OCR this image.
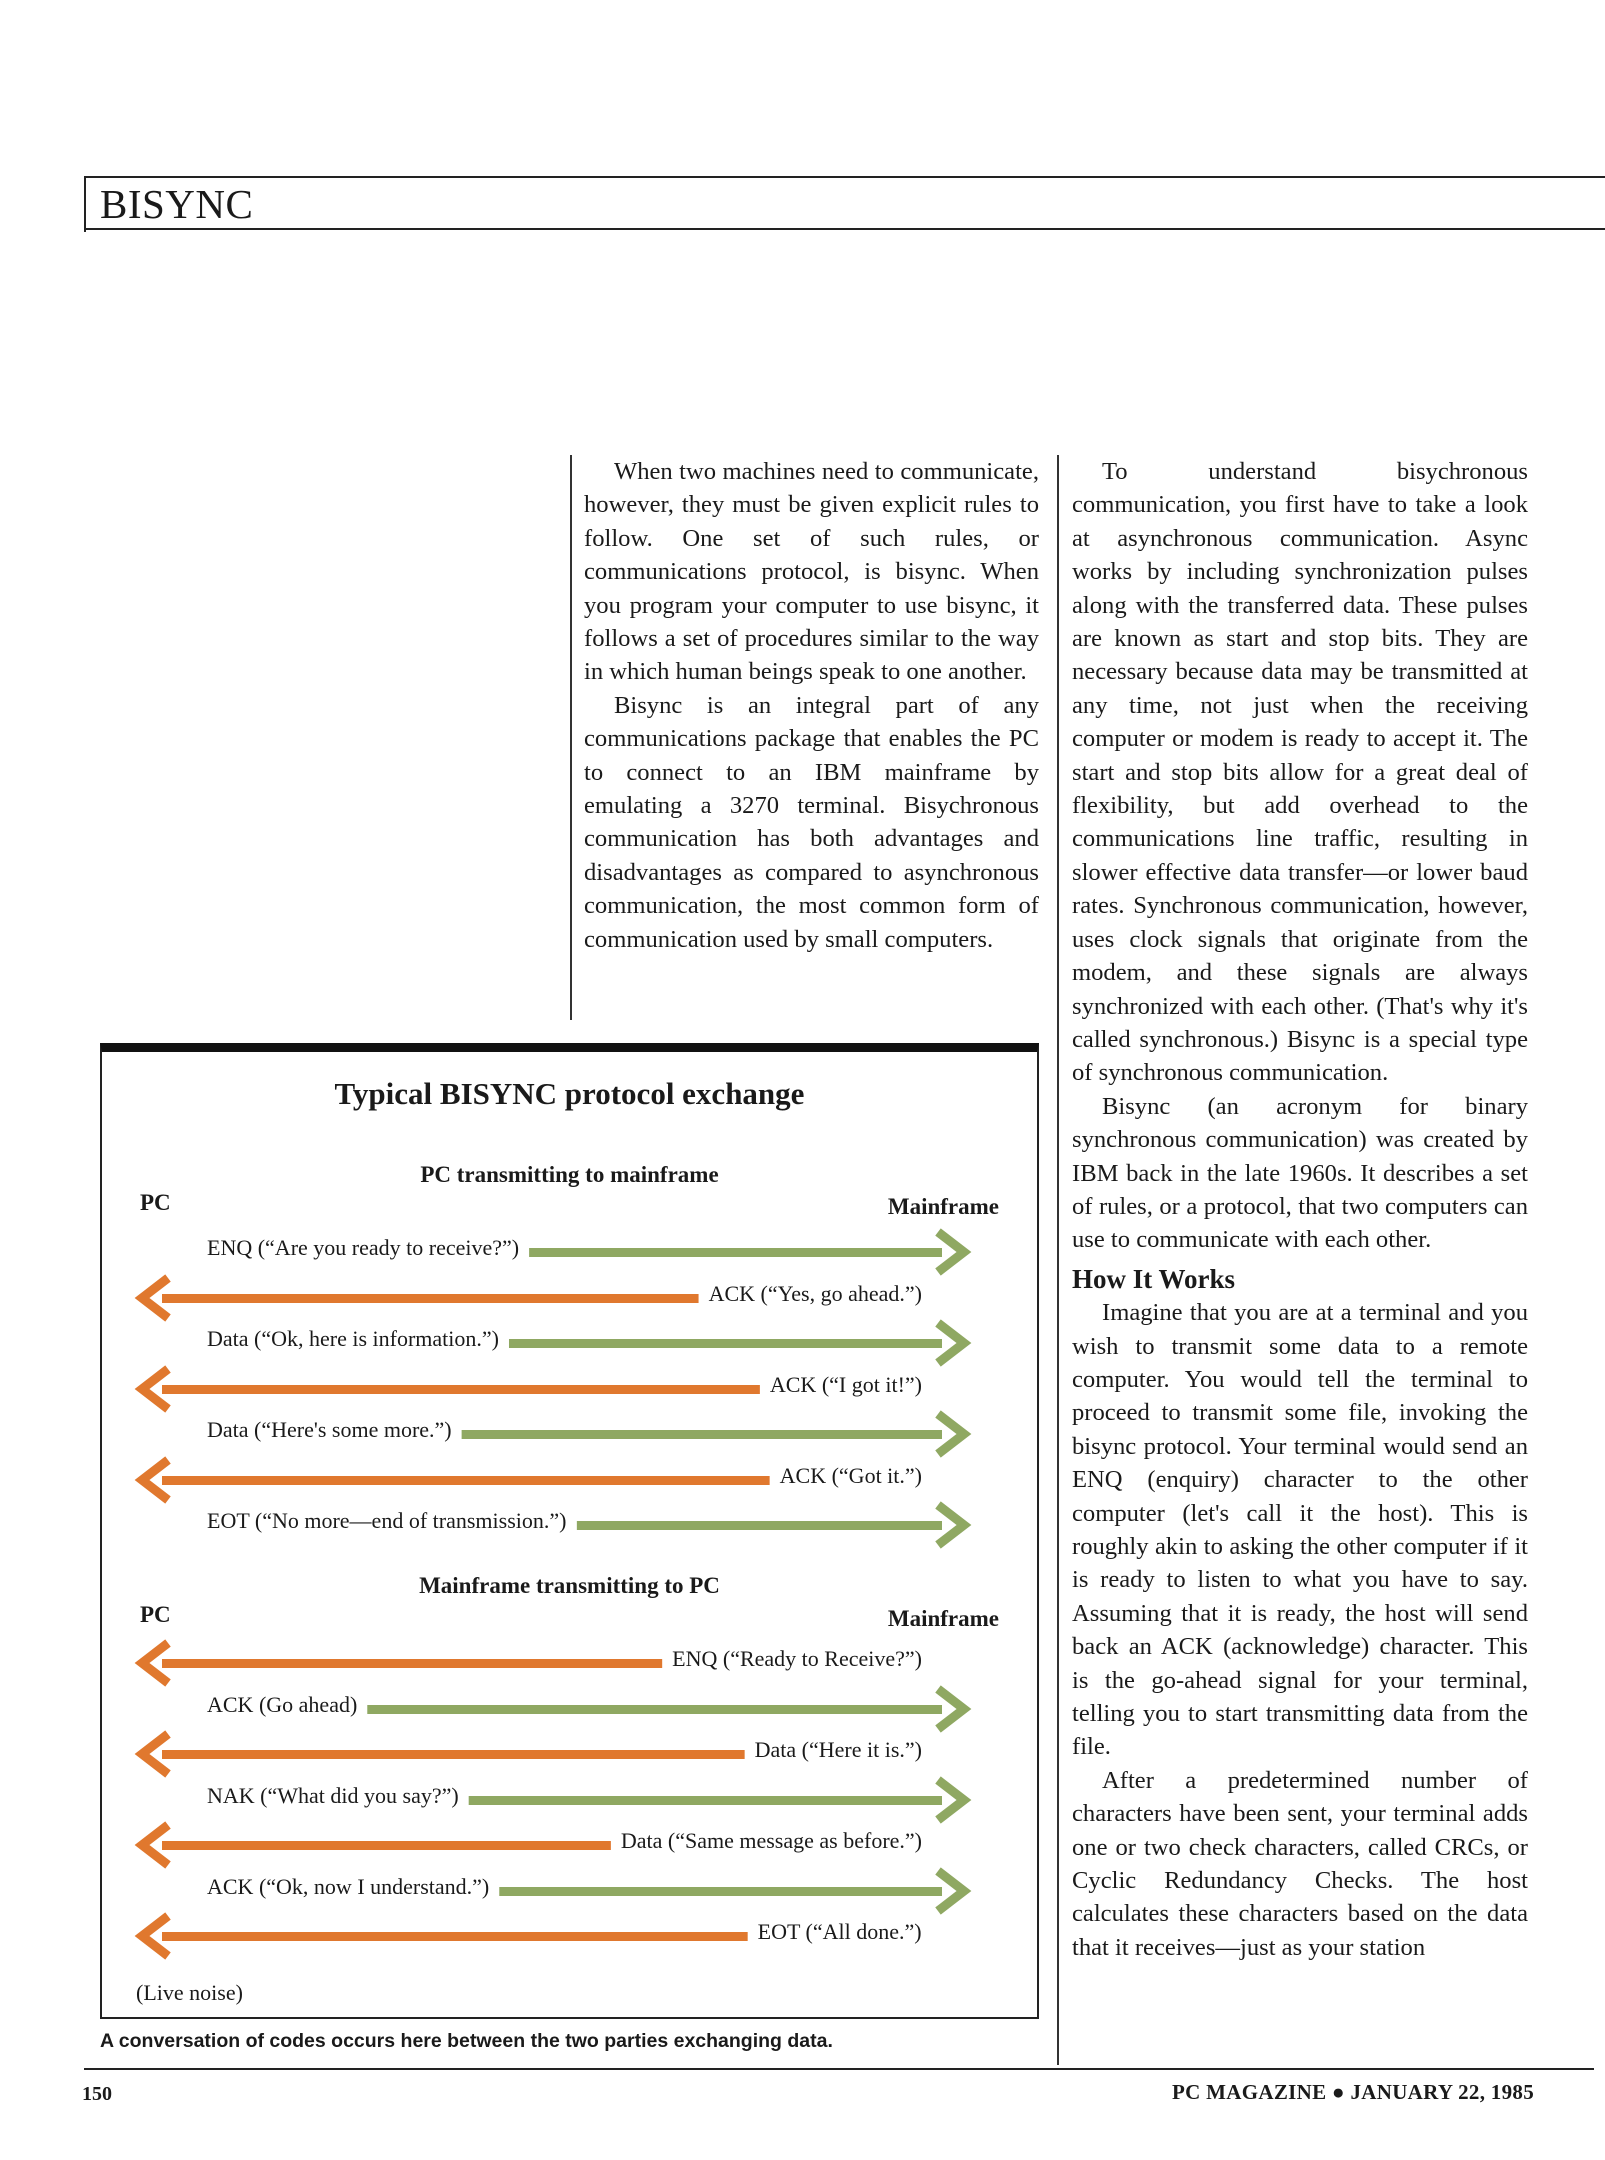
BISYNC

When two machines need to communicate, however, they must be given explicit rules to follow. One set of such rules, or communications protocol, is bisync. When you program your computer to use bisync, it follows a set of procedures similar to the way in which human beings speak to one another.

Bisync is an integral part of any communications package that enables the PC to connect to an IBM mainframe by emulating a 3270 terminal. Bisychronous communication has both advantages and disadvantages as compared to asynchronous communication, the most common form of communication used by small computers.

To understand bisychronous communication, you first have to take a look at asynchronous communication. Async works by including synchronization pulses along with the transferred data. These pulses are known as start and stop bits. They are necessary because data may be transmitted at any time, not just when the receiving computer or modem is ready to accept it. The start and stop bits allow for a great deal of flexibility, but add overhead to the communications line traffic, resulting in slower effective data transfer—or lower baud rates. Synchronous communication, however, uses clock signals that originate from the modem, and these signals are always synchronized with each other. (That's why it's called synchronous.) Bisync is a special type of synchronous communication.

Bisync (an acronym for binary synchronous communication) was created by IBM back in the late 1960s. It describes a set of rules, or a protocol, that two computers can use to communicate with each other.

How It Works

Imagine that you are at a terminal and you wish to transmit some data to a remote computer. You would tell the terminal to proceed to transmit some file, invoking the bisync protocol. Your terminal would send an ENQ (enquiry) character to the other computer (let's call it the host). This is roughly akin to asking the other computer if it is ready to listen to what you have to say. Assuming that it is ready, the host will send back an ACK (acknowledge) character. This is the go-ahead signal for your terminal, telling you to start transmitting data from the file.

After a predetermined number of characters have been sent, your terminal adds one or two check characters, called CRCs, or Cyclic Redundancy Checks. The host calculates these characters based on the data that it receives—just as your station

Typical BISYNC protocol exchange
PC transmitting to mainframe
PC	Mainframe
ENQ (“Are you ready to receive?”)
ACK (“Yes, go ahead.”)
Data (“Ok, here is information.”)
ACK (“I got it!”)
Data (“Here's some more.”)
ACK (“Got it.”)
EOT (“No more—end of transmission.”)
Mainframe transmitting to PC
PC	Mainframe
ENQ (“Ready to Receive?”)
ACK (Go ahead)
Data (“Here it is.”)
NAK (“What did you say?”)
Data (“Same message as before.”)
ACK (“Ok, now I understand.”)
EOT (“All done.”)
(Live noise)
A conversation of codes occurs here between the two parties exchanging data.
150	PC MAGAZINE ● JANUARY 22, 1985
